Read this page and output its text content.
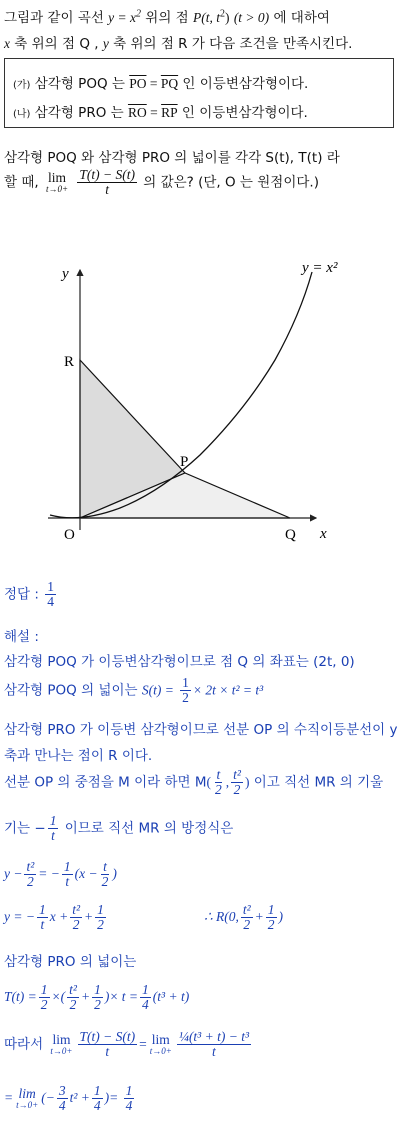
그림과 같이 곡선 $y = x^2$ 위의 점 P(t, $t^2$) (t > 0) 에 대하여
x 축 위의 점 Q , y 축 위의 점 R 가 다음 조건을 만족시킨다.
(가) 삼각형 POQ 는 $\overline{PO} = \overline{PQ}$ 인 이등변삼각형이다.
(나) 삼각형 PRO 는 $\overline{RO} = \overline{RP}$ 인 이등변삼각형이다.
삼각형 POQ 와 삼각형 PRO 의 넓이를 각각 S(t), T(t) 라
할 때, lim
t→0+
$\frac{T(t) - S(t)}{t}$ 의 값은? (단, O 는 원점이다.)
y = x²
y
x
R
P
O	Q
정답 : $\frac{1}{4}$
해설 :
삼각형 POQ 가 이등변삼각형이므로 점 Q 의 좌표는 (2t, 0)
삼각형 POQ 의 넓이는 $S(t) = \frac{1}{2} \times 2t \times t^2 = t^3$
삼각형 PRO 가 이등변 삼각형이므로 선분 OP 의 수직이등분선이 y
축과 만나는 점이 R 이다.
선분 OP 의 중점을 M 이라 하면 $M( \frac{t}{2}$ , $\frac{\text{t²}}{2}$ ) 이고 직선 MR 의 기울
기는 − $\frac{1}{t}$ 이므로 직선 MR 의 방정식은
$y - \frac{\text{t²}}{2}$ = − $\frac{1}{t} (x - \frac{t}{2}$ )
y = − $\frac{1}{t}$ $x + \frac{\text{t²}}{2} + \frac{1}{2}$	∴ R(0, $\frac{\text{t²}}{2} + \frac{1}{2}$ )
삼각형 PRO 의 넓이는
$T(t) = \frac{1}{2}$ ×( $\frac{\text{t²}}{2} + \frac{1}{2}$ )× $t = \frac{1}{4} (t^3 + t)$
따라서 lim
$t\to 0+ \frac{T(t) - S(t)}{t} = \lim$
$t\to 0+ \frac{\text{¼(t³ + t) − t³}}{t}$
= lim
t→0+
(− $\frac{3}{4} t^2 + \frac{1}{4}$ )= $\frac{1}{4}$
